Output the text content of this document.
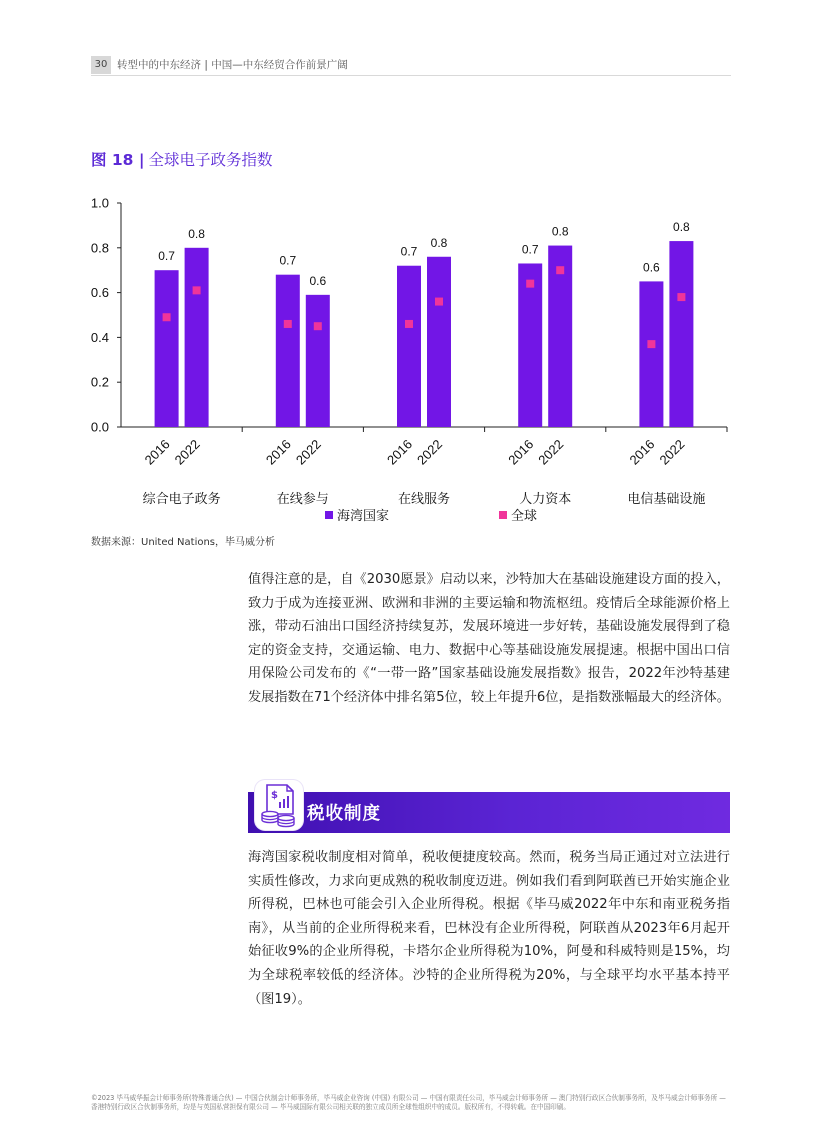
30 转型中的中东经济 | 中国—中东经贸合作前景广阔
图 18 | 全球电子政务指数
0.0
0.2
0.4
0.6
0.8
1.0
0.7
2016
0.8
2022
综合电子政务
0.7
2016
0.6
2022
在线参与
0.7
2016
0.8
2022
在线服务
0.7
2016
0.8
2022
人力资本
0.6
2016
0.8
2022
电信基础设施
海湾国家	全球
数据来源：United Nations，毕马威分析

值得注意的是，自《2030愿景》启动以来，沙特加大在基础设施建设方面的投入，致力于成为连接亚洲、欧洲和非洲的主要运输和物流枢纽。疫情后全球能源价格上涨，带动石油出口国经济持续复苏，发展环境进一步好转，基础设施发展得到了稳定的资金支持，交通运输、电力、数据中心等基础设施发展提速。根据中国出口信用保险公司发布的《“一带一路”国家基础设施发展指数》报告，2022年沙特基建发展指数在71个经济体中排名第5位，较上年提升6位，是指数涨幅最大的经济体。

税收制度
$

海湾国家税收制度相对简单，税收便捷度较高。然而，税务当局正通过对立法进行实质性修改，力求向更成熟的税收制度迈进。例如我们看到阿联酋已开始实施企业所得税，巴林也可能会引入企业所得税。根据《毕马威2022年中东和南亚税务指南》，从当前的企业所得税来看，巴林没有企业所得税，阿联酋从2023年6月起开始征收9%的企业所得税，卡塔尔企业所得税为10%，阿曼和科威特则是15%，均为全球税率较低的经济体。沙特的企业所得税为20%，与全球平均水平基本持平（图19）。

©2023 毕马威华振会计师事务所(特殊普通合伙) — 中国合伙制会计师事务所，毕马威企业咨询 (中国) 有限公司 — 中国有限责任公司，毕马威会计师事务所 — 澳门特别行政区合伙制事务所，及毕马威会计师事务所 — 香港特别行政区合伙制事务所，均是与英国私营担保有限公司 — 毕马威国际有限公司相关联的独立成员所全球性组织中的成员。版权所有，不得转载。在中国印刷。
